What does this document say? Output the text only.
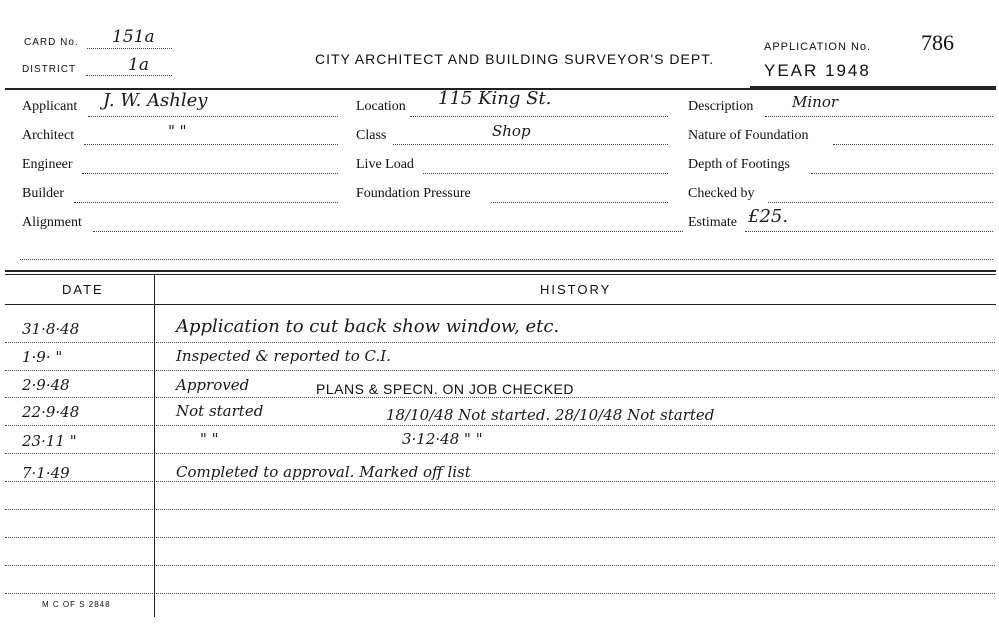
CARD No. 151a
DISTRICT	1a	CITY ARCHITECT AND BUILDING SURVEYOR'S DEPT.
APPLICATION No. 786
YEAR 1948
Applicant J. W. Ashley
Architect	" "
Engineer
Builder
Alignment
Location 115 King St.
Class	Shop
Live Load
Foundation Pressure
Description	Minor
Nature of Foundation
Depth of Footings
Checked by
Estimate £25.
DATE	HISTORY
31·8·48	Application to cut back show window, etc.
1·9· "	Inspected & reported to C.I.
2·9·48	Approved	PLANS & SPECN. ON JOB CHECKED
22·9·48	Not started	18/10/48 Not started. 28/10/48 Not started
23·11 "	" "	3·12·48 " "
7·1·49	Completed to approval. Marked off list
M C OF S 2848
